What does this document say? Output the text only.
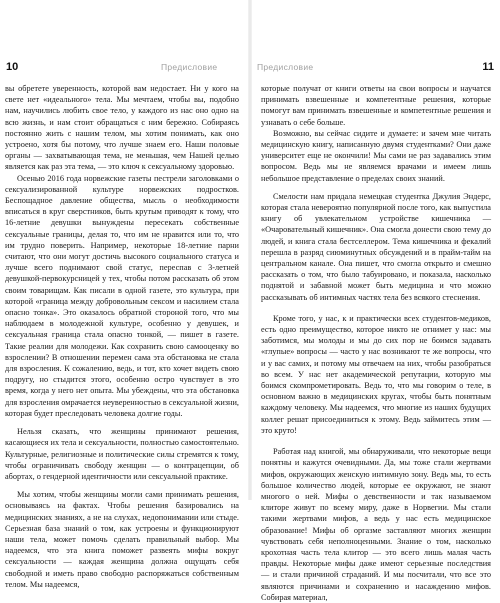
10	Предисловие

вы обретете уверенность, которой вам недостает. Ни у кого на свете нет «идеального» тела. Мы мечтаем, чтобы вы, подобно нам, научились любить свое тело, у каждого из нас оно одно на всю жизнь, и нам стоит обращаться с ним бережно. Собираясь постоянно жить с нашим телом, мы хотим понимать, как оно устроено, хотя бы потому, что лучше знаем его. Наши половые органы — захватывающая тема, не меньшая, чем Нашей целью является как раз эта тема, — это ключ к сексуальному здоровью.

Осенью 2016 года норвежские газеты пестрели заголовками о сексуализированной культуре норвежских подростков. Беспощадное давление общества, мысль о необходимости вписаться в круг сверстников, быть крутым приводят к тому, что 16-летние девушки вынуждены пересекать собственные сексуальные границы, делая то, что им не нравится или то, что им трудно поверить. Например, некоторые 18-летние парни считают, что они могут достичь высокого социального статуса и лучше всего поднимают свой статус, переспав с 3-летней девушкой-первокурсницей у тех, чтобы потом рассказать об этом своим товарищам. Как писали в одной газете, это культура, при которой «граница между добровольным сексом и насилием стала опасно тонка». Это оказалось обратной стороной того, что мы наблюдаем в молодежной культуре, особенно у девушек, и сексуальная граница стала опасно тонкой, — пишет в газете. Такие реалии для молодежи. Как сохранить свою самооценку во взрослении? В отношении перемен сама эта обстановка не стала для взросления. К сожалению, ведь, и тот, кто хочет видеть свою подругу, но стыдится этого, особенно остро чувствует в это время, когда у него нет опыта. Мы убеждены, что эта обстановка для взросления омрачается неуверенностью в сексуальной жизни, которая будет преследовать человека долгие годы.

Нельзя сказать, что женщины принимают решения, касающиеся их тела и сексуальности, полностью самостоятельно. Культурные, религиозные и политические силы стремятся к тому, чтобы ограничивать свободу женщин — о контрацепции, об абортах, о гендерной идентичности или сексуальной практике.

Мы хотим, чтобы женщины могли сами принимать решения, основываясь на фактах. Чтобы решения базировались на медицинских знаниях, а не на слухах, недопонимании или стыде. Серьезная база знаний о том, как устроены и функционируют наши тела, может помочь сделать правильный выбор. Мы надеемся, что эта книга поможет развеять мифы вокруг сексуальности — каждая женщина должна ощущать себя свободной и иметь право свободно распоряжаться собственным телом. Мы надеемся,

Предисловие	11

которые получат от книги ответы на свои вопросы и научатся принимать взвешенные и компетентные решения, которые помогут вам принимать взвешенные и компетентные решения и узнавать о себе больше.

Возможно, вы сейчас сидите и думаете: и зачем мне читать медицинскую книгу, написанную двумя студентками? Они даже университет еще не окончили! Мы сами не раз задавались этим вопросом. Ведь мы не являемся врачами и имеем лишь небольшое представление о пределах своих знаний.

Смелости нам придала немецкая студентка Джулия Эндерс, которая стала невероятно популярной после того, как выпустила книгу об увлекательном устройстве кишечника — «Очаровательный кишечник». Она смогла донести свою тему до людей, и книга стала бестселлером. Тема кишечника и фекалий перешла в разряд сиюминутных обсуждений и в прайм-тайм на центральном канале. Она пишет, что смогла открыто и смешно рассказать о том, что было табуировано, и показала, насколько поднятой и забавной может быть медицина и что можно рассказывать об интимных частях тела без всякого стеснения.

Кроме того, у нас, к и практически всех студентов-медиков, есть одно преимущество, которое никто не отнимет у нас: мы заботимся, мы молоды и мы до сих пор не боимся задавать «глупые» вопросы — часто у нас возникают те же вопросы, что и у вас самих, и потому мы отвечаем на них, чтобы разобраться во всем. У нас нет академической репутации, которую мы боимся скомпрометировать. Ведь то, что мы говорим о теле, в основном важно в медицинских кругах, чтобы быть понятным каждому человеку. Мы надеемся, что многие из наших будущих коллег решат присоединиться к этому. Ведь займитесь этим — это круто!

Работая над книгой, мы обнаруживали, что некоторые вещи понятны и кажутся очевидными. Да, мы тоже стали жертвами мифов, окружающих женскую интимную зону. Ведь мы, то есть большое количество людей, которые ее окружают, не знают многого о ней. Мифы о девственности и так называемом клиторе живут по всему миру, даже в Норвегии. Мы стали такими жертвами мифов, а ведь у нас есть медицинское образование! Мифы об оргазме заставляют многих женщин чувствовать себя неполноценными. Знание о том, насколько крохотная часть тела клитор — это всего лишь малая часть правды. Некоторые мифы даже имеют серьезные последствия — и стали причиной страданий. И мы посчитали, что все это являются причинами и сохранению и насаждению мифов. Собирая материал,
